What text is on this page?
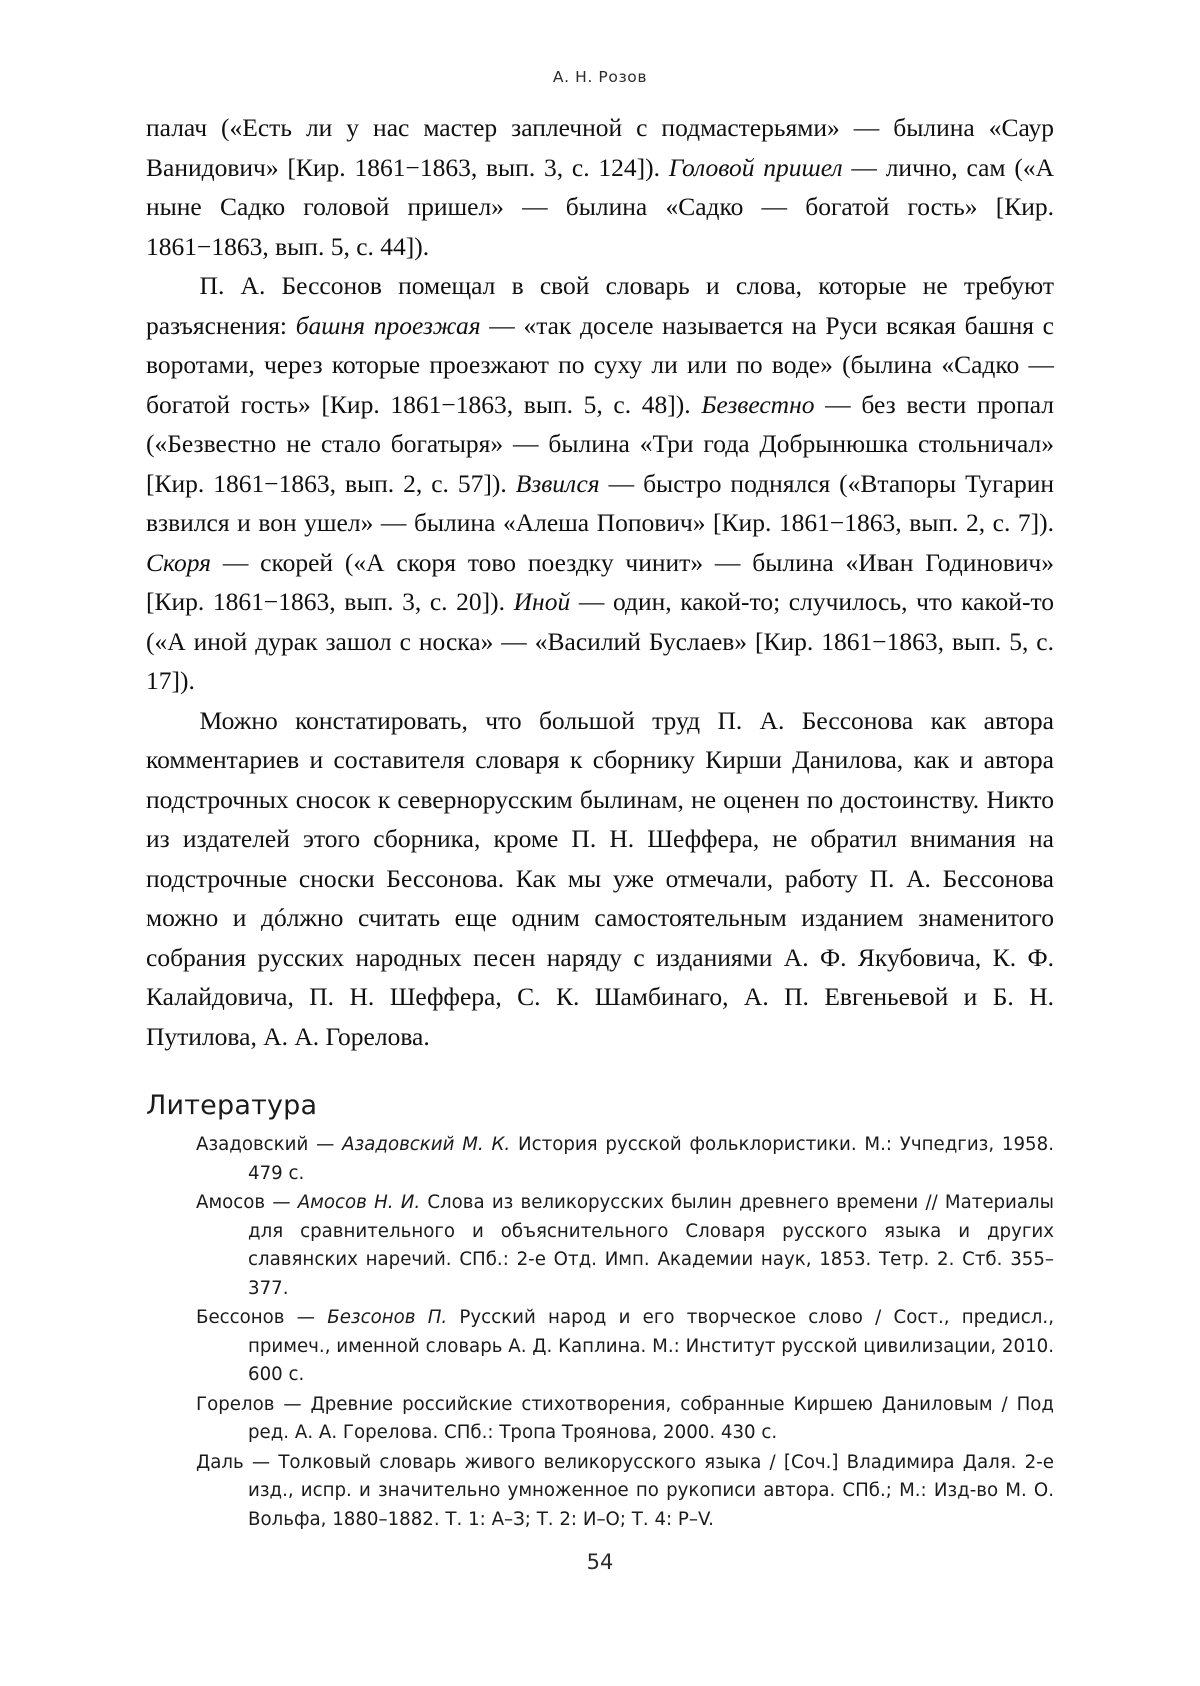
А. Н. Розов

палач («Есть ли у нас мастер заплечной с подмастерьями» — былина «Саур Ванидович» [Кир. 1861−1863, вып. 3, с. 124]). Головой пришел — лично, сам («А ныне Садко головой пришел» — былина «Садко — богатой гость» [Кир. 1861−1863, вып. 5, с. 44]).

П. А. Бессонов помещал в свой словарь и слова, которые не требуют разъяснения: башня проезжая — «так доселе называется на Руси всякая башня с воротами, через которые проезжают по суху ли или по воде» (былина «Садко — богатой гость» [Кир. 1861−1863, вып. 5, с. 48]). Безвестно — без вести пропал («Безвестно не стало богатыря» — былина «Три года Добрынюшка стольничал» [Кир. 1861−1863, вып. 2, с. 57]). Взвился — быстро поднялся («Втапоры Тугарин взвился и вон ушел» — былина «Алеша Попович» [Кир. 1861−1863, вып. 2, с. 7]). Скоря — скорей («А скоря тово поездку чинит» — былина «Иван Годинович» [Кир. 1861−1863, вып. 3, с. 20]). Иной — один, какой-то; случилось, что какой-то («А иной дурак зашол с носка» — «Василий Буслаев» [Кир. 1861−1863, вып. 5, с. 17]).

Можно констатировать, что большой труд П. А. Бессонова как автора комментариев и составителя словаря к сборнику Кирши Данилова, как и автора подстрочных сносок к севернорусским былинам, не оценен по достоинству. Никто из издателей этого сборника, кроме П. Н. Шеффера, не обратил внимания на подстрочные сноски Бессонова. Как мы уже отмечали, работу П. А. Бессонова можно и дóлжно считать еще одним самостоятельным изданием знаменитого собрания русских народных песен наряду с изданиями А. Ф. Якубовича, К. Ф. Калайдовича, П. Н. Шеффера, С. К. Шамбинаго, А. П. Евгеньевой и Б. Н. Путилова, А. А. Горелова.

Литература
Азадовский — Азадовский М. К. История русской фольклористики. М.: Учпедгиз, 1958. 479 с.
Амосов — Амосов Н. И. Слова из великорусских былин древнего времени // Материалы для сравнительного и объяснительного Словаря русского языка и других славянских наречий. СПб.: 2-е Отд. Имп. Академии наук, 1853. Тетр. 2. Стб. 355–377.
Бессонов — Безсонов П. Русский народ и его творческое слово / Сост., предисл., примеч., именной словарь А. Д. Каплина. М.: Институт русской цивилизации, 2010. 600 с.
Горелов — Древние российские стихотворения, собранные Киршею Даниловым / Под ред. А. А. Горелова. СПб.: Тропа Троянова, 2000. 430 с.
Даль — Толковый словарь живого великорусского языка / [Соч.] Владимира Даля. 2-е изд., испр. и значительно умноженное по рукописи автора. СПб.; М.: Изд-во М. О. Вольфа, 1880–1882. Т. 1: А–З; Т. 2: И–О; Т. 4: Р–V.
54
